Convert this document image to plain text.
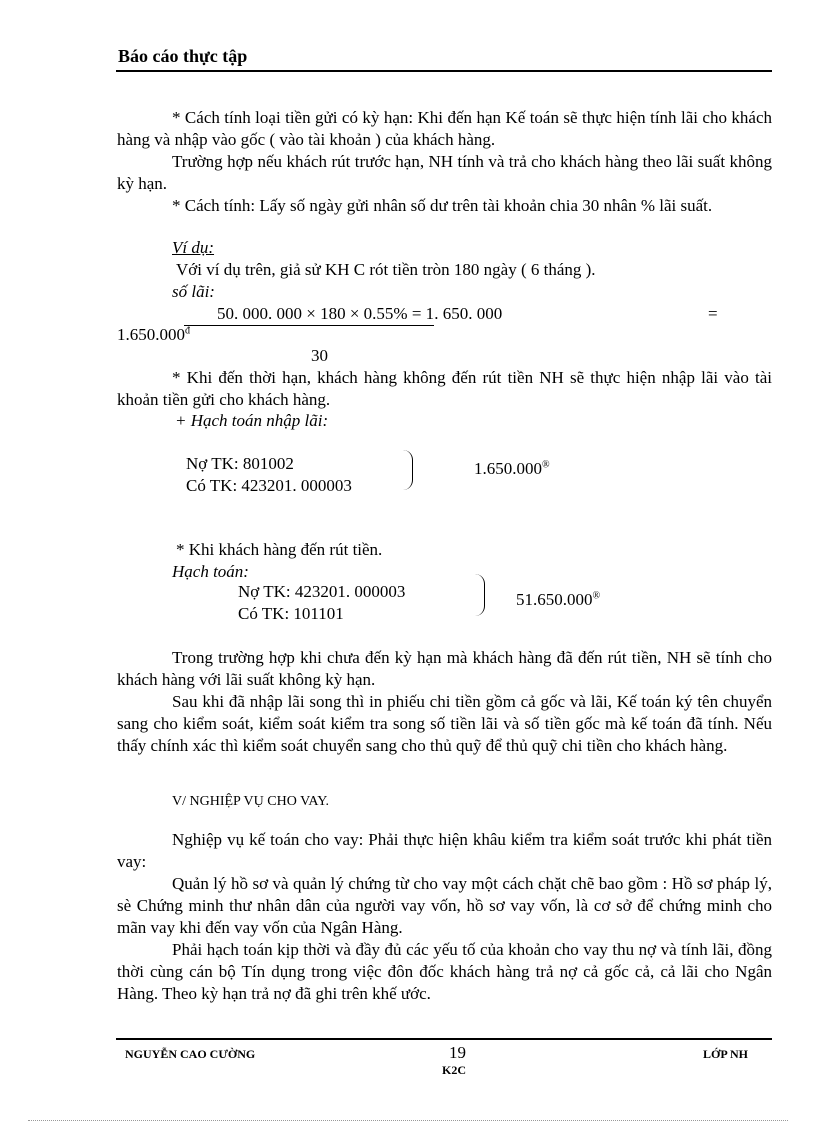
Báo cáo thực tập

* Cách tính loại tiền gửi có kỳ hạn: Khi đến hạn Kế toán sẽ thực hiện tính lãi cho khách hàng và nhập vào gốc ( vào tài khoản ) của khách hàng.

Trường hợp nếu khách rút trước hạn, NH tính và trả cho khách hàng theo lãi suất không kỳ hạn.

* Cách tính: Lấy số ngày gửi nhân số dư trên tài khoản chia 30 nhân % lãi suất.

Ví dụ:
Với ví dụ trên, giả sử KH C rót tiền tròn 180 ngày ( 6 tháng ).
số lãi:
50. 000. 000 × 180 × 0.55% = 1. 650. 000	=
$1.650.000^đ$
30

* Khi đến thời hạn, khách hàng không đến rút tiền NH sẽ thực hiện nhập lãi vào tài khoản tiền gửi cho khách hàng.

+ Hạch toán nhập lãi:
Nợ TK: 801002
Có TK: 423201. 000003
1.650.000®
* Khi khách hàng đến rút tiền.
Hạch toán:
Nợ TK: 423201. 000003
Có TK: 101101
51.650.000®

Trong trường hợp khi chưa đến kỳ hạn mà khách hàng đã đến rút tiền, NH sẽ tính cho khách hàng với lãi suất không kỳ hạn.

Sau khi đã nhập lãi song thì in phiếu chi tiền gồm cả gốc và lãi, Kế toán ký tên chuyển sang cho kiểm soát, kiểm soát kiểm tra song số tiền lãi và số tiền gốc mà kế toán đã tính. Nếu thấy chính xác thì kiểm soát chuyển sang cho thủ quỹ để thủ quỹ chi tiền cho khách hàng.

V/ NGHIỆP VỤ CHO VAY.

Nghiệp vụ kế toán cho vay: Phải thực hiện khâu kiểm tra kiểm soát trước khi phát tiền vay:

Quản lý hồ sơ và quản lý chứng từ cho vay một cách chặt chẽ bao gồm : Hồ sơ pháp lý, sè Chứng minh thư nhân dân của người vay vốn, hồ sơ vay vốn, là cơ sở để chứng minh cho mãn vay khi đến vay vốn của Ngân Hàng.

Phải hạch toán kịp thời và đầy đủ các yếu tố của khoản cho vay thu nợ và tính lãi, đồng thời cùng cán bộ Tín dụng trong việc đôn đốc khách hàng trả nợ cả gốc cả, cả lãi cho Ngân Hàng. Theo kỳ hạn trả nợ đã ghi trên khế ước.

NGUYỄN CAO CƯỜNG	19	LỚP NH
K2C
